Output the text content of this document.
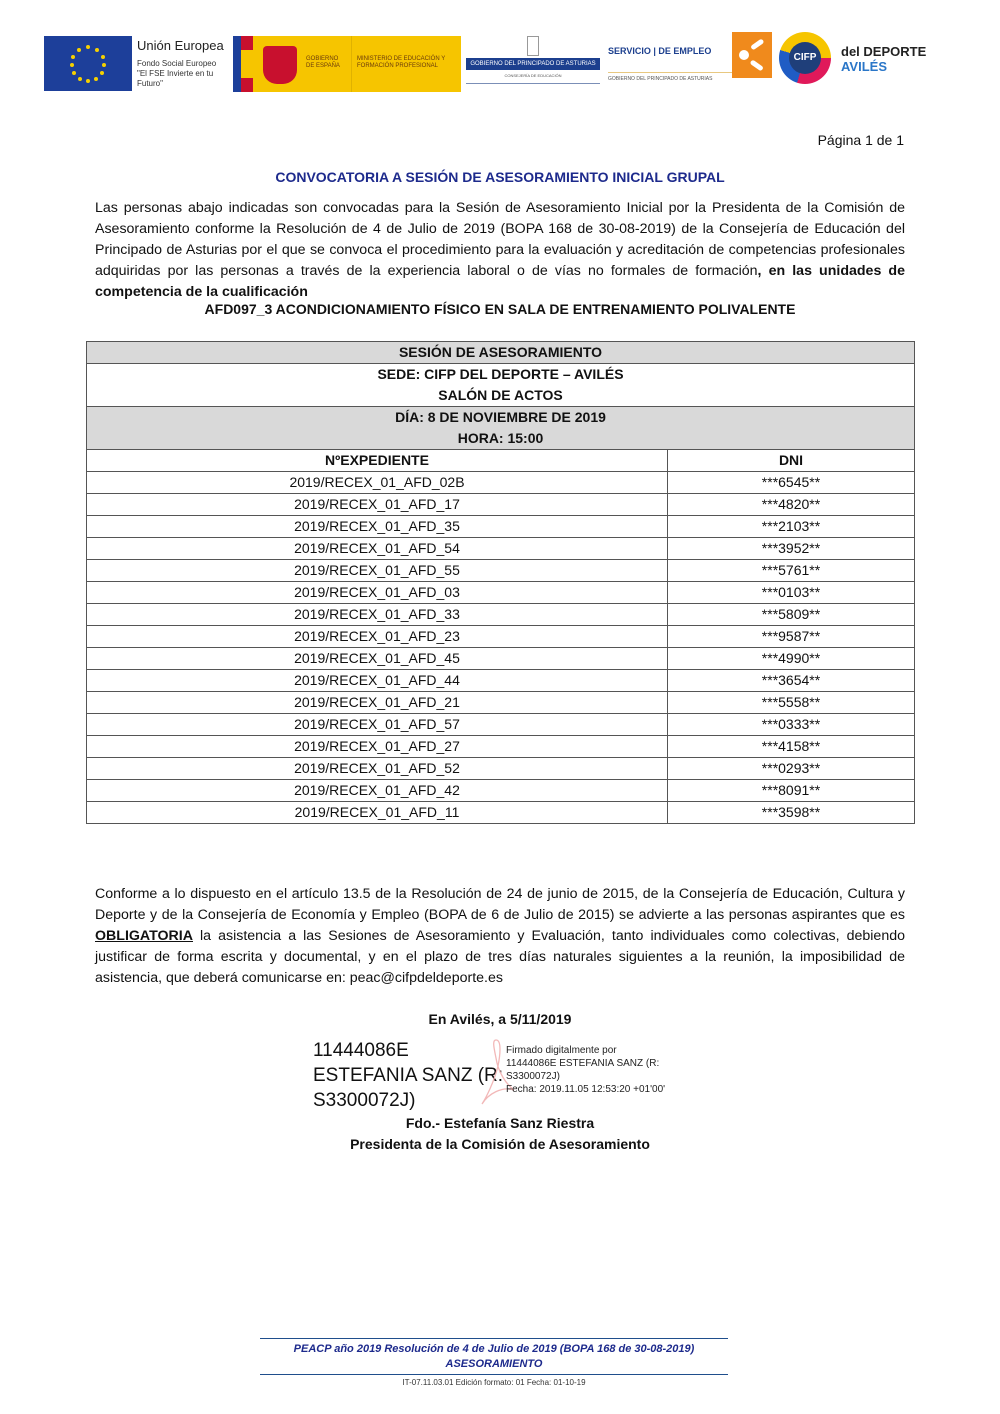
Unión Europea
Fondo Social Europeo
"El FSE Invierte en tu Futuro"
GOBIERNO DE ESPAÑA
MINISTERIO DE EDUCACIÓN Y FORMACIÓN PROFESIONAL	GOBIERNO DEL PRINCIPADO DE ASTURIAS
CONSEJERÍA DE EDUCACIÓN
SERVICIO | DE EMPLEO
GOBIERNO DEL PRINCIPADO DE ASTURIAS
CIFP	del DEPORTE
AVILÉS
Página 1 de 1
CONVOCATORIA A SESIÓN DE ASESORAMIENTO INICIAL GRUPAL
Las personas abajo indicadas son convocadas para la Sesión de Asesoramiento Inicial por la Presidenta de la Comisión de Asesoramiento conforme la Resolución de 4 de Julio de 2019 (BOPA 168 de 30-08-2019) de la Consejería de Educación del Principado de Asturias por el que se convoca el procedimiento para la evaluación y acreditación de competencias profesionales adquiridas por las personas a través de la experiencia laboral o de vías no formales de formación, en las unidades de competencia de la cualificación
AFD097_3 ACONDICIONAMIENTO FÍSICO EN SALA DE ENTRENAMIENTO POLIVALENTE
SESIÓN DE ASESORAMIENTO	
SEDE: CIFP DEL DEPORTE – AVILÉS	
SALÓN DE ACTOS	
DÍA: 8 DE NOVIEMBRE DE 2019	
HORA: 15:00	
NºEXPEDIENTE	DNI
2019/RECEX_01_AFD_02B	***6545**
2019/RECEX_01_AFD_17	***4820**
2019/RECEX_01_AFD_35	***2103**
2019/RECEX_01_AFD_54	***3952**
2019/RECEX_01_AFD_55	***5761**
2019/RECEX_01_AFD_03	***0103**
2019/RECEX_01_AFD_33	***5809**
2019/RECEX_01_AFD_23	***9587**
2019/RECEX_01_AFD_45	***4990**
2019/RECEX_01_AFD_44	***3654**
2019/RECEX_01_AFD_21	***5558**
2019/RECEX_01_AFD_57	***0333**
2019/RECEX_01_AFD_27	***4158**
2019/RECEX_01_AFD_52	***0293**
2019/RECEX_01_AFD_42	***8091**
2019/RECEX_01_AFD_11	***3598**
Conforme a lo dispuesto en el artículo 13.5 de la Resolución de 24 de junio de 2015, de la Consejería de Educación, Cultura y Deporte y de la Consejería de Economía y Empleo (BOPA de 6 de Julio de 2015) se advierte a las personas aspirantes que es OBLIGATORIA la asistencia a las Sesiones de Asesoramiento y Evaluación, tanto individuales como colectivas, debiendo justificar de forma escrita y documental, y en el plazo de tres días naturales siguientes a la reunión, la imposibilidad de asistencia, que deberá comunicarse en: peac@cifpdeldeporte.es
En Avilés, a 5/11/2019
11444086E
ESTEFANIA SANZ (R:
S3300072J)
Firmado digitalmente por
11444086E ESTEFANIA SANZ (R:
S3300072J)
Fecha: 2019.11.05 12:53:20 +01'00'
Fdo.- Estefanía Sanz Riestra
Presidenta de la Comisión de Asesoramiento
PEACP año 2019 Resolución de 4 de Julio de 2019 (BOPA 168 de 30-08-2019)
ASESORAMIENTO
IT-07.11.03.01 Edición formato: 01 Fecha: 01-10-19
